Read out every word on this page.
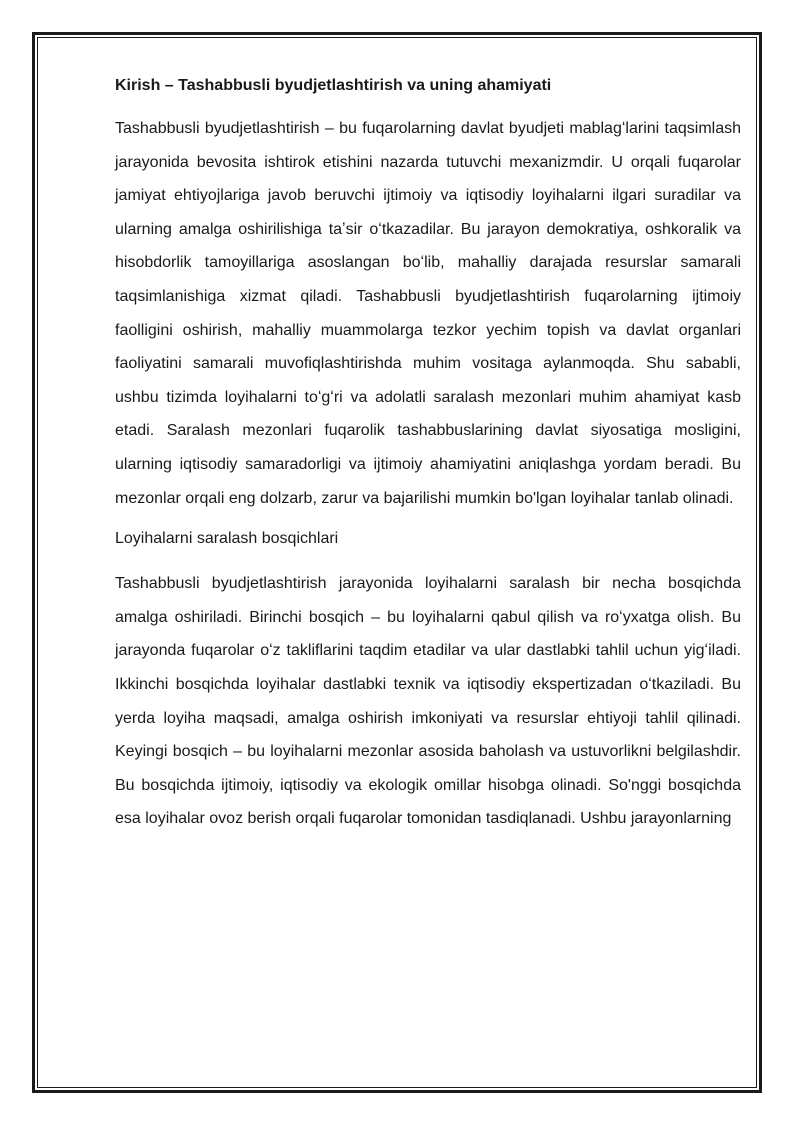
Kirish – Tashabbusli byudjetlashtirish va uning ahamiyati

Tashabbusli byudjetlashtirish – bu fuqarolarning davlat byudjeti mablagʻlarini taqsimlash jarayonida bevosita ishtirok etishini nazarda tutuvchi mexanizmdir. U orqali fuqarolar jamiyat ehtiyojlariga javob beruvchi ijtimoiy va iqtisodiy loyihalarni ilgari suradilar va ularning amalga oshirilishiga taʼsir oʻtkazadilar. Bu jarayon demokratiya, oshkoralik va hisobdorlik tamoyillariga asoslangan boʻlib, mahalliy darajada resurslar samarali taqsimlanishiga xizmat qiladi. Tashabbusli byudjetlashtirish fuqarolarning ijtimoiy faolligini oshirish, mahalliy muammolarga tezkor yechim topish va davlat organlari faoliyatini samarali muvofiqlashtirishda muhim vositaga aylanmoqda. Shu sababli, ushbu tizimda loyihalarni toʻgʻri va adolatli saralash mezonlari muhim ahamiyat kasb etadi. Saralash mezonlari fuqarolik tashabbuslarining davlat siyosatiga mosligini, ularning iqtisodiy samaradorligi va ijtimoiy ahamiyatini aniqlashga yordam beradi. Bu mezonlar orqali eng dolzarb, zarur va bajarilishi mumkin bo'lgan loyihalar tanlab olinadi.

Loyihalarni saralash bosqichlari

Tashabbusli byudjetlashtirish jarayonida loyihalarni saralash bir necha bosqichda amalga oshiriladi. Birinchi bosqich – bu loyihalarni qabul qilish va roʻyxatga olish. Bu jarayonda fuqarolar oʻz takliflarini taqdim etadilar va ular dastlabki tahlil uchun yigʻiladi. Ikkinchi bosqichda loyihalar dastlabki texnik va iqtisodiy ekspertizadan oʻtkaziladi. Bu yerda loyiha maqsadi, amalga oshirish imkoniyati va resurslar ehtiyoji tahlil qilinadi. Keyingi bosqich – bu loyihalarni mezonlar asosida baholash va ustuvorlikni belgilashdir. Bu bosqichda ijtimoiy, iqtisodiy va ekologik omillar hisobga olinadi. So'nggi bosqichda esa loyihalar ovoz berish orqali fuqarolar tomonidan tasdiqlanadi. Ushbu jarayonlarning
